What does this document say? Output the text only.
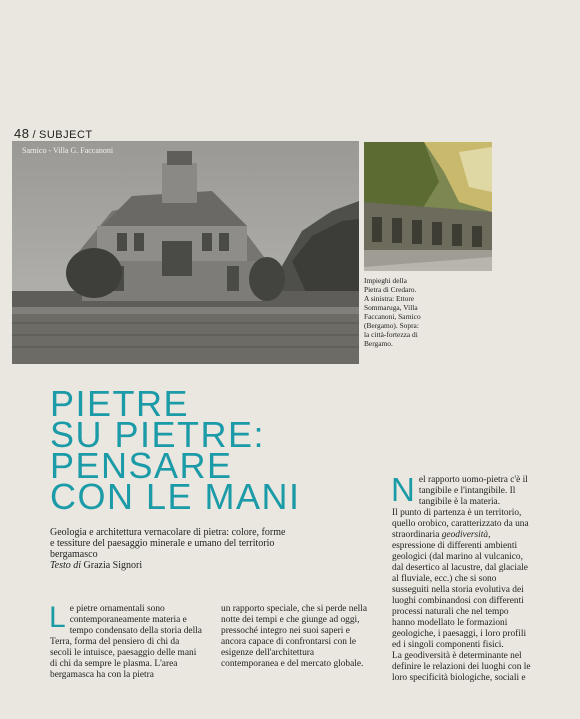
48 / SUBJECT
Sarnico - Villa G. Faccanoni
Impieghi della
Pietra di Credaro.
A sinistra: Ettore
Sommaruga, Villa
Faccanoni, Sarnico
(Bergamo). Sopra:
la città-fortezza di
Bergamo.
PIETRE
SU PIETRE:
PENSARE
CON LE MANI

Geologia e architettura vernacolare di pietra: colore, forme e tessiture del paesaggio minerale e umano del territorio bergamasco

Testo di Grazia Signori

L e pietre ornamentali sono contemporaneamente materia e tempo condensato della storia della Terra, forma del pensiero di chi da secoli le intuisce, paesaggio delle mani di chi da sempre le plasma. L'area bergamasca ha con la pietra

un rapporto speciale, che si perde nella notte dei tempi e che giunge ad oggi, pressoché integro nei suoi saperi e ancora capace di confrontarsi con le esigenze dell'architettura contemporanea e del mercato globale.

N el rapporto uomo-pietra c'è il tangibile e l'intangibile. Il tangibile è la materia.

Il punto di partenza è un territorio, quello orobico, caratterizzato da una straordinaria geodiversità, espressione di differenti ambienti geologici (dal marino al vulcanico, dal desertico al lacustre, dal glaciale al fluviale, ecc.) che si sono susseguiti nella storia evolutiva dei luoghi combinandosi con differenti processi naturali che nel tempo hanno modellato le formazioni geologiche, i paesaggi, i loro profili ed i singoli componenti fisici.

La geodiversità è determinante nel definire le relazioni dei luoghi con le loro specificità biologiche, sociali e
